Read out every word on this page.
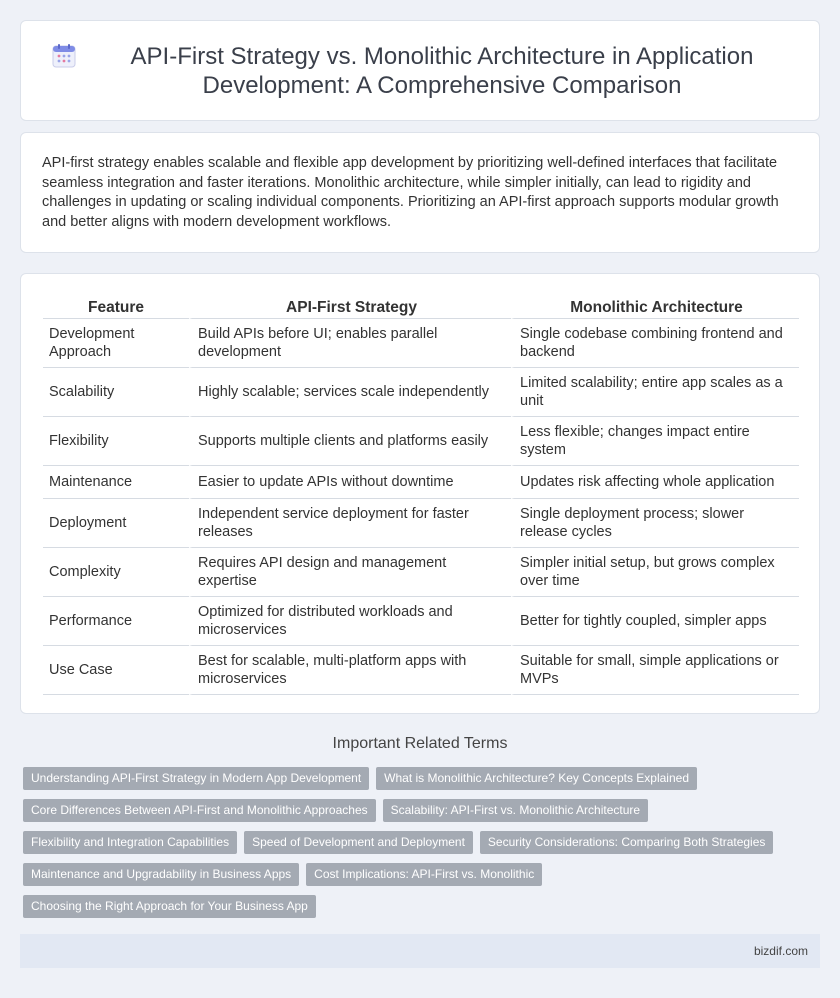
API-First Strategy vs. Monolithic Architecture in Application Development: A Comprehensive Comparison

API-first strategy enables scalable and flexible app development by prioritizing well-defined interfaces that facilitate seamless integration and faster iterations. Monolithic architecture, while simpler initially, can lead to rigidity and challenges in updating or scaling individual components. Prioritizing an API-first approach supports modular growth and better aligns with modern development workflows.

Feature	API-First Strategy	Monolithic Architecture
Development Approach	Build APIs before UI; enables parallel development	Single codebase combining frontend and backend
Scalability	Highly scalable; services scale independently	Limited scalability; entire app scales as a unit
Flexibility	Supports multiple clients and platforms easily	Less flexible; changes impact entire system
Maintenance	Easier to update APIs without downtime	Updates risk affecting whole application
Deployment	Independent service deployment for faster releases	Single deployment process; slower release cycles
Complexity	Requires API design and management expertise	Simpler initial setup, but grows complex over time
Performance	Optimized for distributed workloads and microservices	Better for tightly coupled, simpler apps
Use Case	Best for scalable, multi-platform apps with microservices	Suitable for small, simple applications or MVPs
Important Related Terms
Understanding API-First Strategy in Modern App Development	What is Monolithic Architecture? Key Concepts Explained
Core Differences Between API-First and Monolithic Approaches	Scalability: API-First vs. Monolithic Architecture
Flexibility and Integration Capabilities	Speed of Development and Deployment	Security Considerations: Comparing Both Strategies
Maintenance and Upgradability in Business Apps	Cost Implications: API-First vs. Monolithic
Choosing the Right Approach for Your Business App
bizdif.com
